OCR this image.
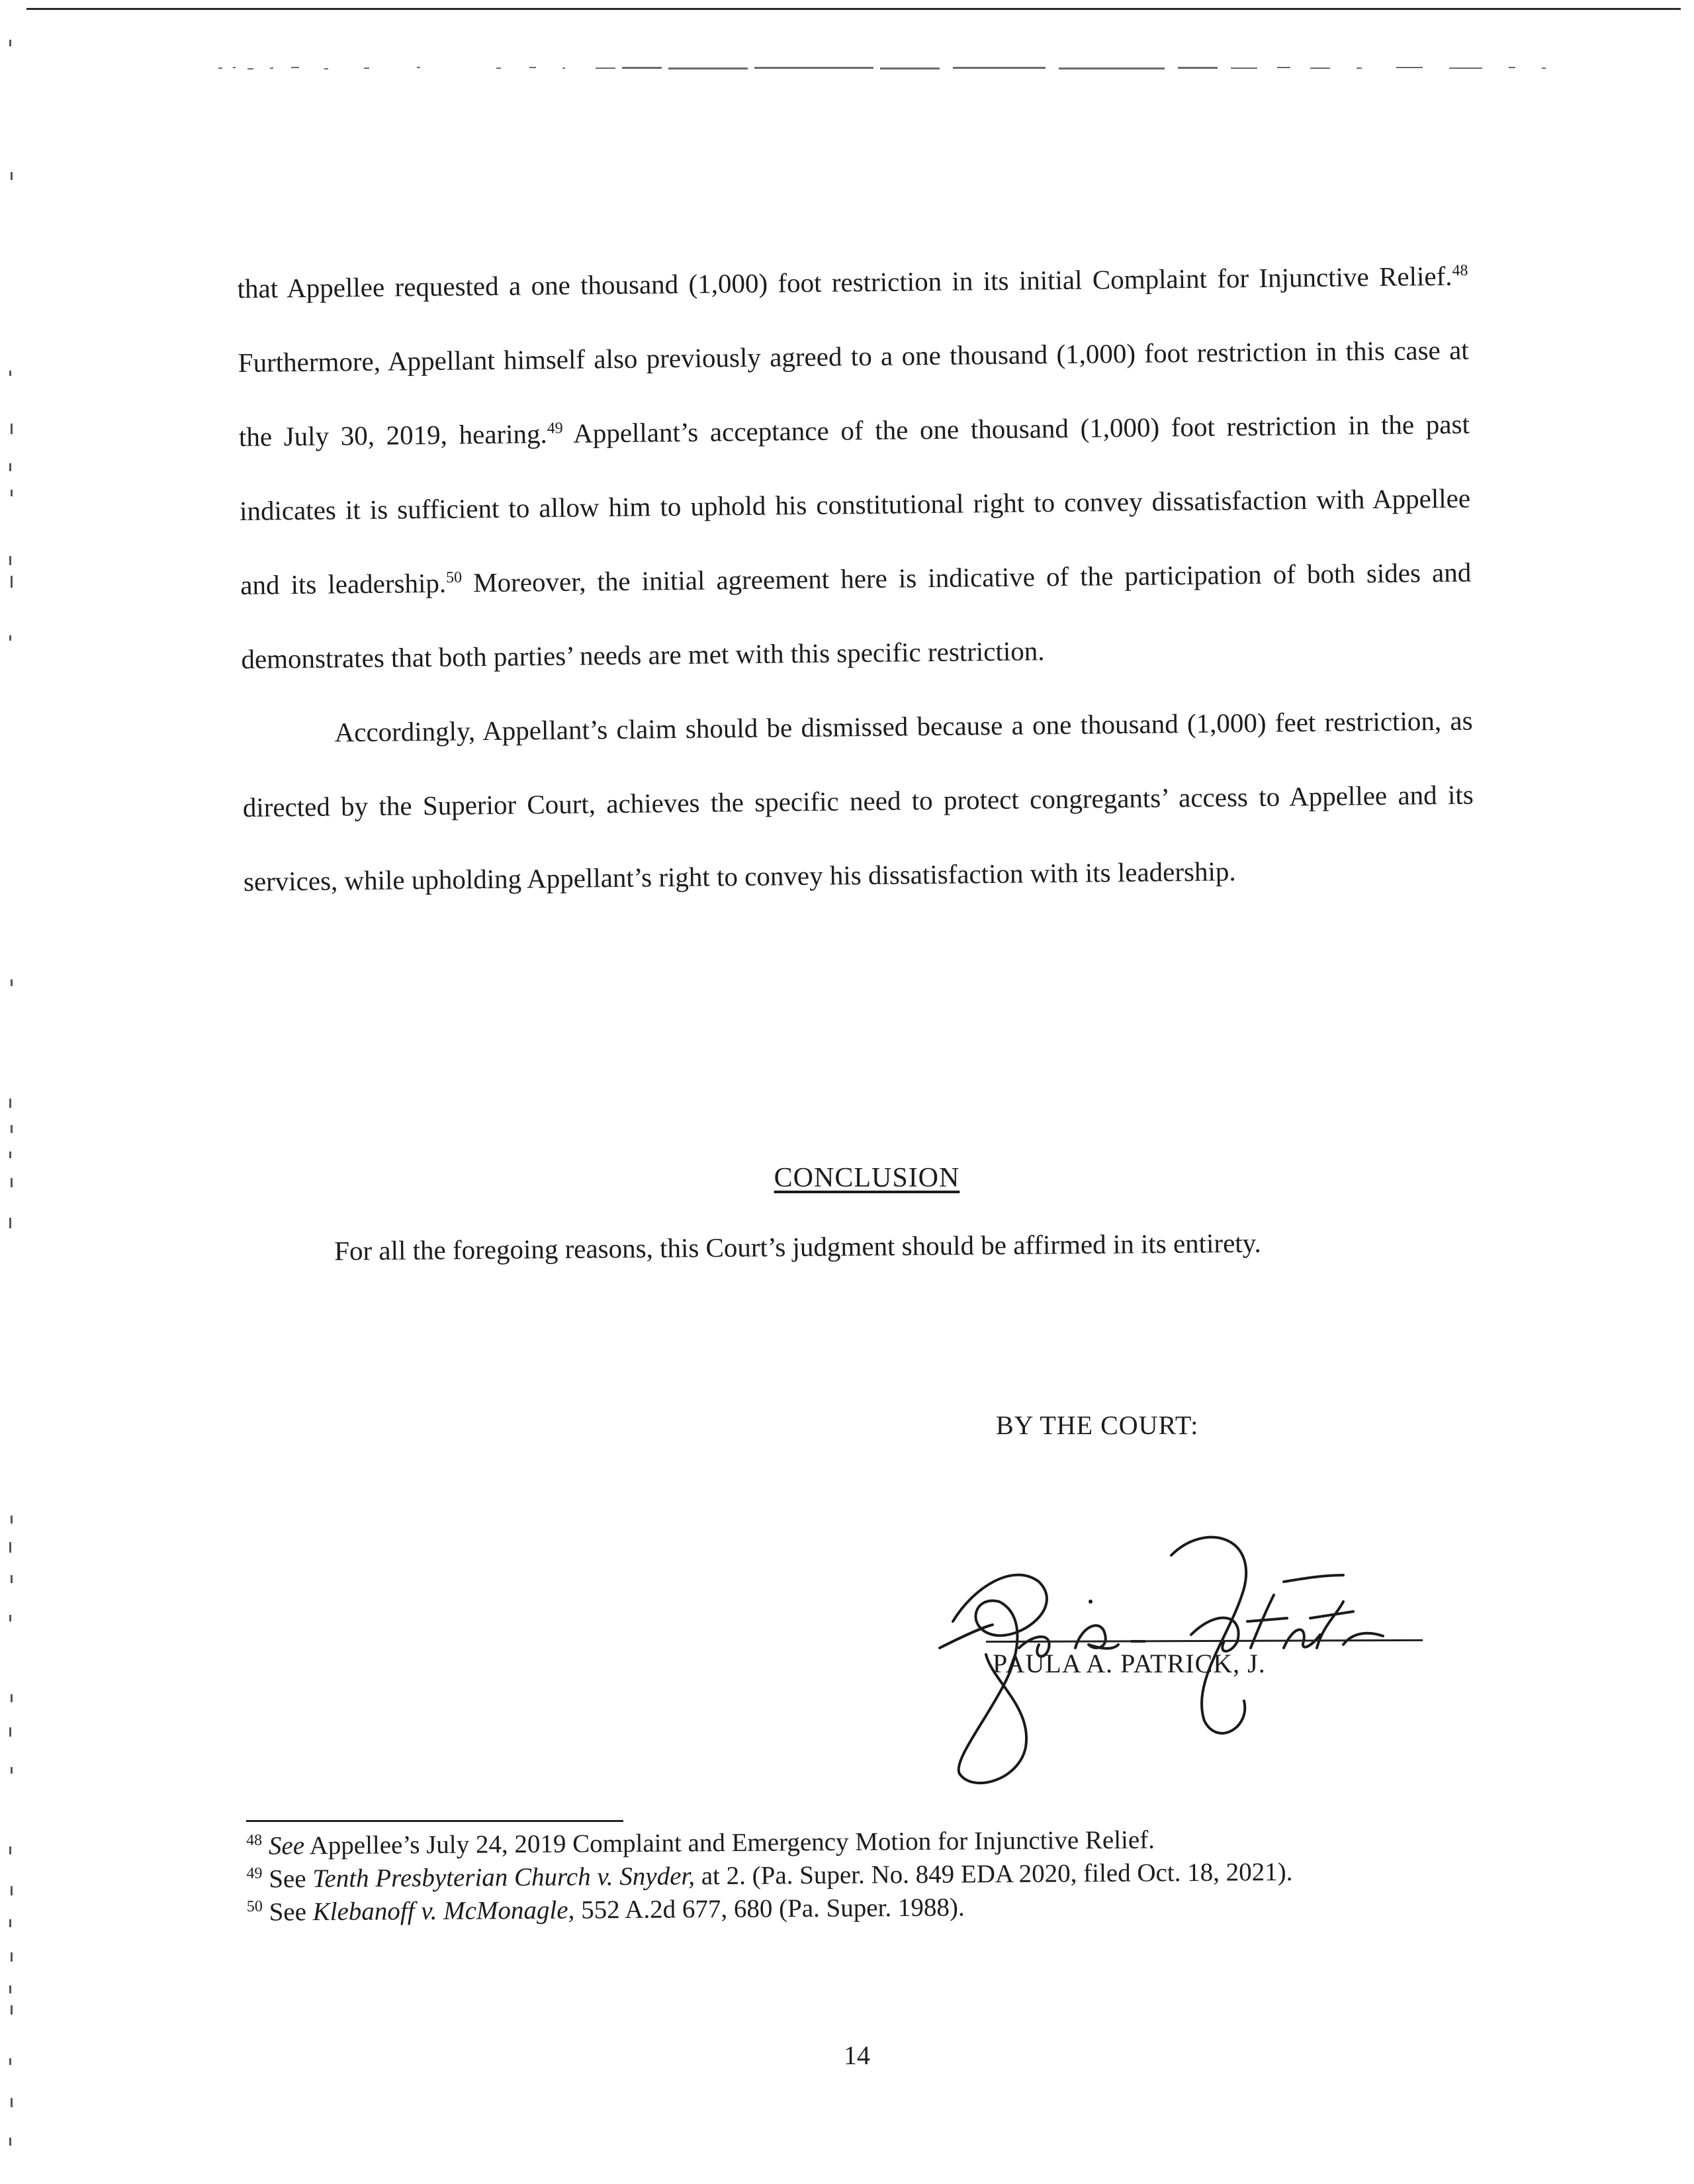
that Appellee requested a one thousand (1,000) foot restriction in its initial Complaint for Injunctive Relief.$^{48}$ Furthermore, Appellant himself also previously agreed to a one thousand (1,000) foot restriction in this case at the July 30, 2019, hearing.$^{49}$ Appellant’s acceptance of the one thousand (1,000) foot restriction in the past indicates it is sufficient to allow him to uphold his constitutional right to convey dissatisfaction with Appellee and its leadership.$^{50}$ Moreover, the initial agreement here is indicative of the participation of both sides and demonstrates that both parties’ needs are met with this specific restriction.

Accordingly, Appellant’s claim should be dismissed because a one thousand (1,000) feet restriction, as directed by the Superior Court, achieves the specific need to protect congregants’ access to Appellee and its services, while upholding Appellant’s right to convey his dissatisfaction with its leadership.

CONCLUSION
For all the foregoing reasons, this Court’s judgment should be affirmed in its entirety.
BY THE COURT:
PAULA A. PATRICK, J.

$^{48}$ See Appellee’s July 24, 2019 Complaint and Emergency Motion for Injunctive Relief.

$^{49}$ See Tenth Presbyterian Church v. Snyder, at 2. (Pa. Super. No. 849 EDA 2020, filed Oct. 18, 2021).

$^{50}$ See Klebanoff v. McMonagle, 552 A.2d 677, 680 (Pa. Super. 1988).

14
